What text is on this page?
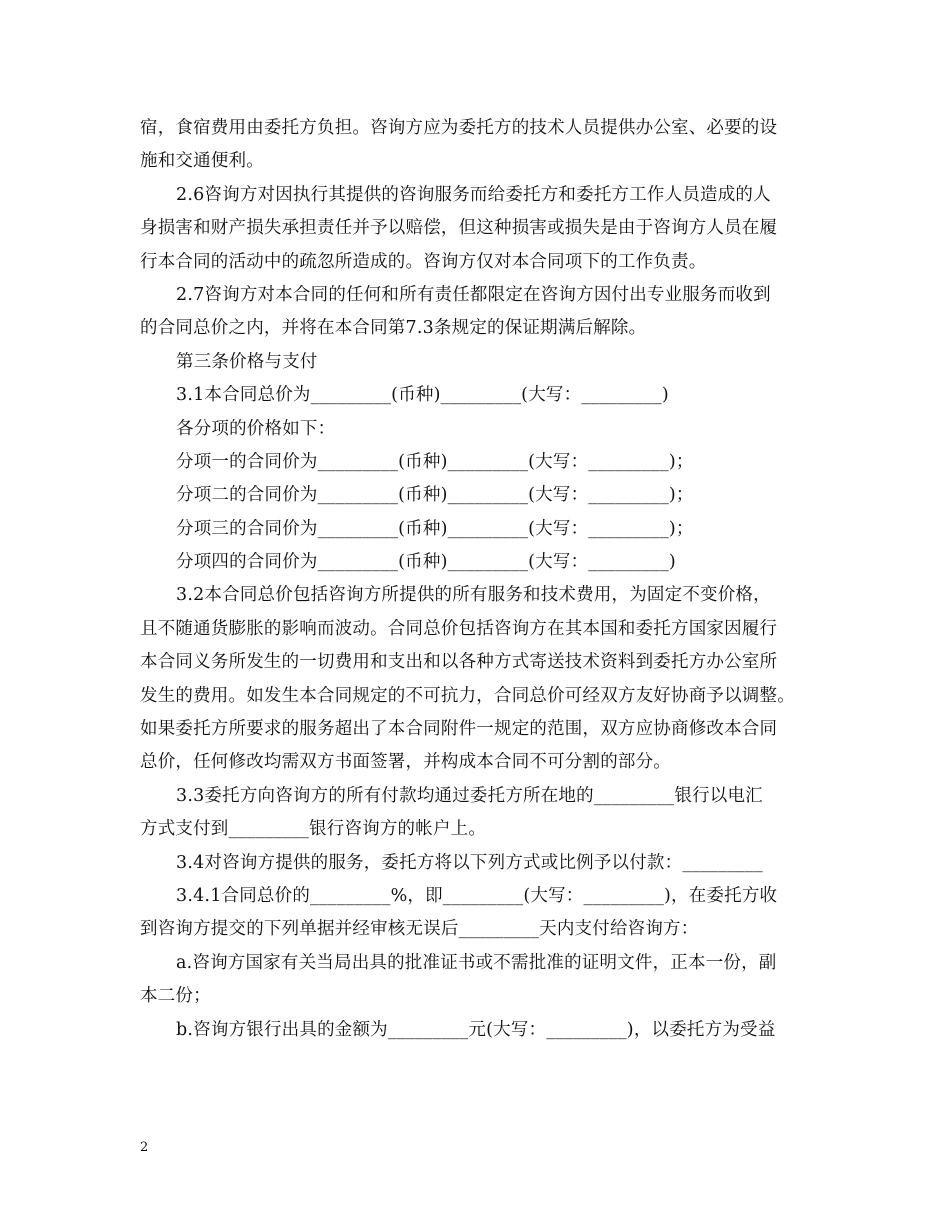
宿，食宿费用由委托方负担。咨询方应为委托方的技术人员提供办公室、必要的设
施和交通便利。
2.6咨询方对因执行其提供的咨询服务而给委托方和委托方工作人员造成的人
身损害和财产损失承担责任并予以赔偿，但这种损害或损失是由于咨询方人员在履
行本合同的活动中的疏忽所造成的。咨询方仅对本合同项下的工作负责。
2.7咨询方对本合同的任何和所有责任都限定在咨询方因付出专业服务而收到
的合同总价之内，并将在本合同第7.3条规定的保证期满后解除。
第三条价格与支付
3.1本合同总价为_________(币种)_________(大写：_________)
各分项的价格如下：
分项一的合同价为_________(币种)_________(大写：_________)；
分项二的合同价为_________(币种)_________(大写：_________)；
分项三的合同价为_________(币种)_________(大写：_________)；
分项四的合同价为_________(币种)_________(大写：_________)
3.2本合同总价包括咨询方所提供的所有服务和技术费用，为固定不变价格，
且不随通货膨胀的影响而波动。合同总价包括咨询方在其本国和委托方国家因履行
本合同义务所发生的一切费用和支出和以各种方式寄送技术资料到委托方办公室所
发生的费用。如发生本合同规定的不可抗力，合同总价可经双方友好协商予以调整。
如果委托方所要求的服务超出了本合同附件一规定的范围，双方应协商修改本合同
总价，任何修改均需双方书面签署，并构成本合同不可分割的部分。
3.3委托方向咨询方的所有付款均通过委托方所在地的_________银行以电汇
方式支付到_________银行咨询方的帐户上。
3.4对咨询方提供的服务，委托方将以下列方式或比例予以付款：_________
3.4.1合同总价的_________%，即_________(大写：_________)，在委托方收
到咨询方提交的下列单据并经审核无误后_________天内支付给咨询方：
a.咨询方国家有关当局出具的批准证书或不需批准的证明文件，正本一份，副
本二份；
b.咨询方银行出具的金额为_________元(大写：_________)，以委托方为受益
2
